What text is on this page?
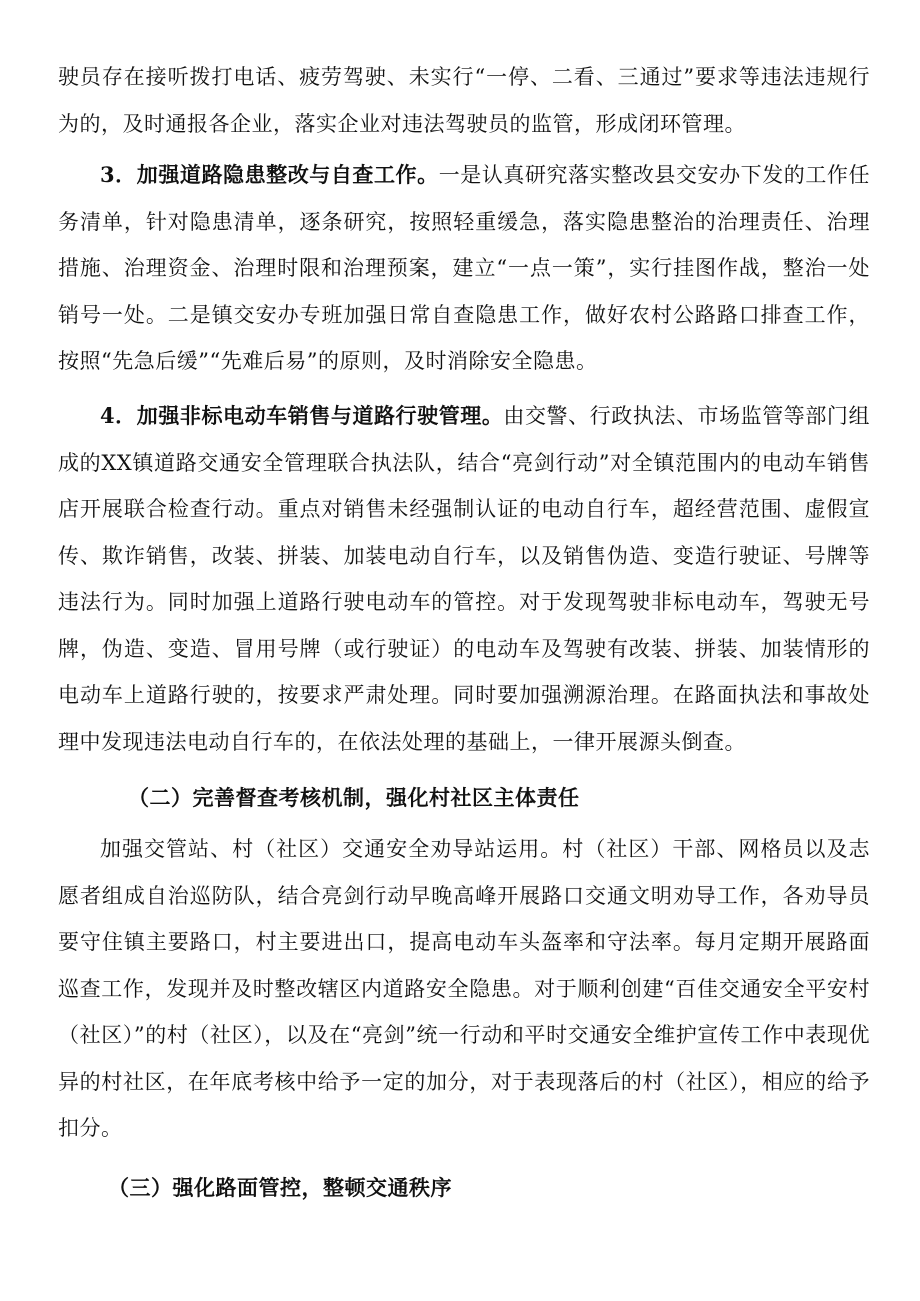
驶员存在接听拨打电话、疲劳驾驶、未实行“一停、二看、三通过”要求等违法违规行为的，及时通报各企业，落实企业对违法驾驶员的监管，形成闭环管理。

3．加强道路隐患整改与自查工作。一是认真研究落实整改县交安办下发的工作任务清单，针对隐患清单，逐条研究，按照轻重缓急，落实隐患整治的治理责任、治理措施、治理资金、治理时限和治理预案，建立“一点一策”，实行挂图作战，整治一处销号一处。二是镇交安办专班加强日常自查隐患工作，做好农村公路路口排查工作，按照“先急后缓”“先难后易”的原则，及时消除安全隐患。

4．加强非标电动车销售与道路行驶管理。由交警、行政执法、市场监管等部门组成的XX镇道路交通安全管理联合执法队，结合“亮剑行动”对全镇范围内的电动车销售店开展联合检查行动。重点对销售未经强制认证的电动自行车，超经营范围、虚假宣传、欺诈销售，改装、拼装、加装电动自行车，以及销售伪造、变造行驶证、号牌等违法行为。同时加强上道路行驶电动车的管控。对于发现驾驶非标电动车，驾驶无号牌，伪造、变造、冒用号牌（或行驶证）的电动车及驾驶有改装、拼装、加装情形的电动车上道路行驶的，按要求严肃处理。同时要加强溯源治理。在路面执法和事故处理中发现违法电动自行车的，在依法处理的基础上，一律开展源头倒查。

（二）完善督查考核机制，强化村社区主体责任

加强交管站、村（社区）交通安全劝导站运用。村（社区）干部、网格员以及志愿者组成自治巡防队，结合亮剑行动早晚高峰开展路口交通文明劝导工作，各劝导员要守住镇主要路口，村主要进出口，提高电动车头盔率和守法率。每月定期开展路面巡查工作，发现并及时整改辖区内道路安全隐患。对于顺利创建“百佳交通安全平安村（社区）”的村（社区），以及在“亮剑”统一行动和平时交通安全维护宣传工作中表现优异的村社区，在年底考核中给予一定的加分，对于表现落后的村（社区），相应的给予扣分。

（三）强化路面管控，整顿交通秩序
